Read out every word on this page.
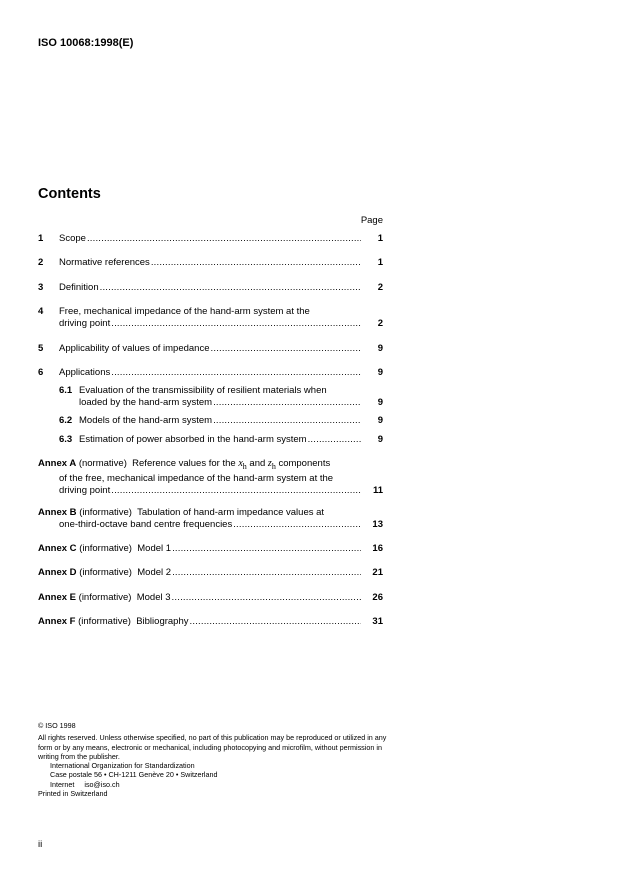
ISO 10068:1998(E)
Contents
Page
1 Scope .....	1
2 Normative references .....	1
3 Definition .....	2
4 Free, mechanical impedance of the hand-arm system at the
driving point .....	2
5 Applicability of values of impedance .....	9
6 Applications .....	9
6.1 Evaluation of the transmissibility of resilient materials when
loaded by the hand-arm system .....	9
6.2 Models of the hand-arm system .....	9
6.3 Estimation of power absorbed in the hand-arm system .....	9
Annex A (normative) Reference values for the $x_h$ and $z_h$ components
of the free, mechanical impedance of the hand-arm system at the
driving point .....	11
Annex B (informative) Tabulation of hand-arm impedance values at
one-third-octave band centre frequencies .....	13
Annex C (informative) Model 1 .....	16
Annex D (informative) Model 2 .....	21
Annex E (informative) Model 3 .....	26
Annex F (informative) Bibliography .....	31
© ISO 1998
All rights reserved. Unless otherwise specified, no part of this publication may be reproduced or utilized in any form or by any means, electronic or mechanical, including photocopying and microfilm, without permission in writing from the publisher.
International Organization for Standardization
Case postale 56 • CH-1211 Genève 20 • Switzerland
Internet     iso@iso.ch
Printed in Switzerland
ii
